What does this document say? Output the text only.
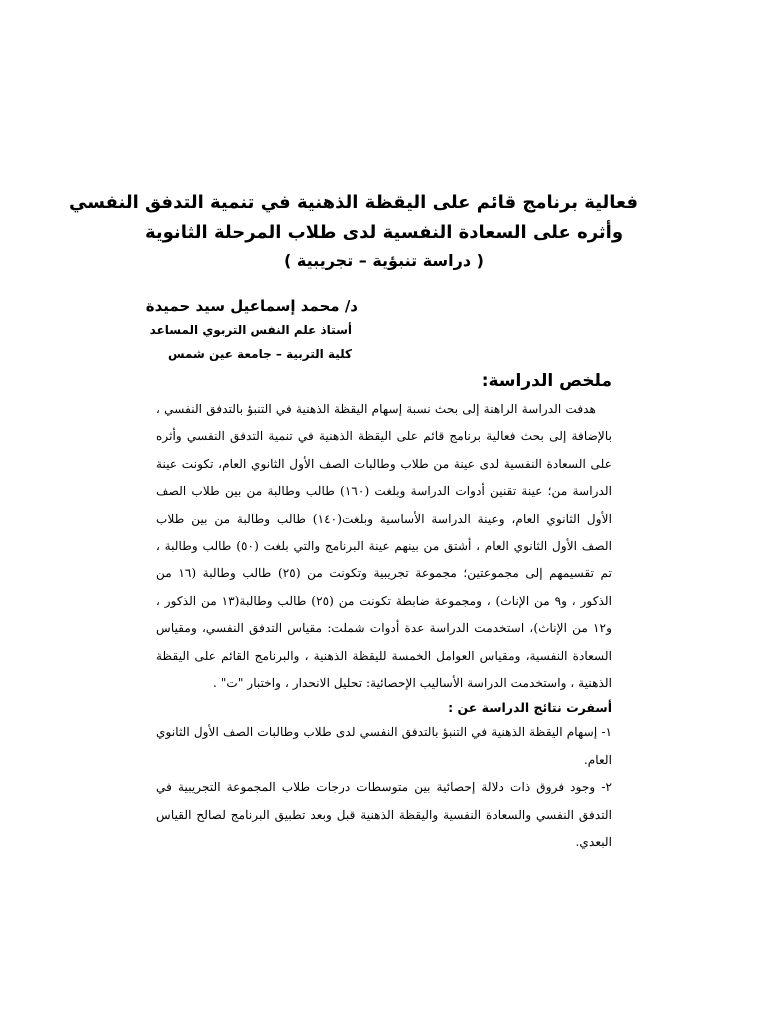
فعالية برنامج قائم على اليقظة الذهنية في تنمية التدفق النفسي
وأثره على السعادة النفسية لدى طلاب المرحلة الثانوية
( دراسة تنبؤية – تجريبية )
د/ محمد إسماعيل سيد حميدة
أستاذ علم النفس التربوي المساعد
كلية التربية – جامعة عين شمس
ملخص الدراسة:

هدفت الدراسة الراهنة إلى بحث نسبة إسهام اليقظة الذهنية في التنبؤ بالتدفق النفسي ، بالإضافة إلى بحث فعالية برنامج قائم على اليقظة الذهنية في تنمية التدفق النفسي وأثره على السعادة النفسية لدى عينة من طلاب وطالبات الصف الأول الثانوي العام، تكونت عينة الدراسة من؛ عينة تقنين أدوات الدراسة وبلغت (١٦٠) طالب وطالبة من بين طلاب الصف الأول الثانوي العام، وعينة الدراسة الأساسية وبلغت(١٤٠) طالب وطالبة من بين طلاب الصف الأول الثانوي العام ، أشتق من بينهم عينة البرنامج والتي بلغت (٥٠) طالب وطالبة ، تم تقسيمهم إلى مجموعتين؛ مجموعة تجريبية وتكونت من (٢٥) طالب وطالبة (١٦ من الذكور ، و٩ من الإناث) ، ومجموعة ضابطة تكونت من (٢٥) طالب وطالبة(١٣ من الذكور ، و١٢ من الإناث)، استخدمت الدراسة عدة أدوات شملت: مقياس التدفق النفسي، ومقياس السعادة النفسية، ومقياس العوامل الخمسة لليقظة الذهنية ، والبرنامج القائم على اليقظة الذهنية ، واستخدمت الدراسة الأساليب الإحصائية: تحليل الانحدار ، واختبار "ت" .

أسفرت نتائج الدراسة عن :

١- إسهام اليقظة الذهنية في التنبؤ بالتدفق النفسي لدى طلاب وطالبات الصف الأول الثانوي العام.

٢- وجود فروق ذات دلالة إحصائية بين متوسطات درجات طلاب المجموعة التجريبية في التدفق النفسي والسعادة النفسية واليقظة الذهنية قبل وبعد تطبيق البرنامج لصالح القياس البعدي.
